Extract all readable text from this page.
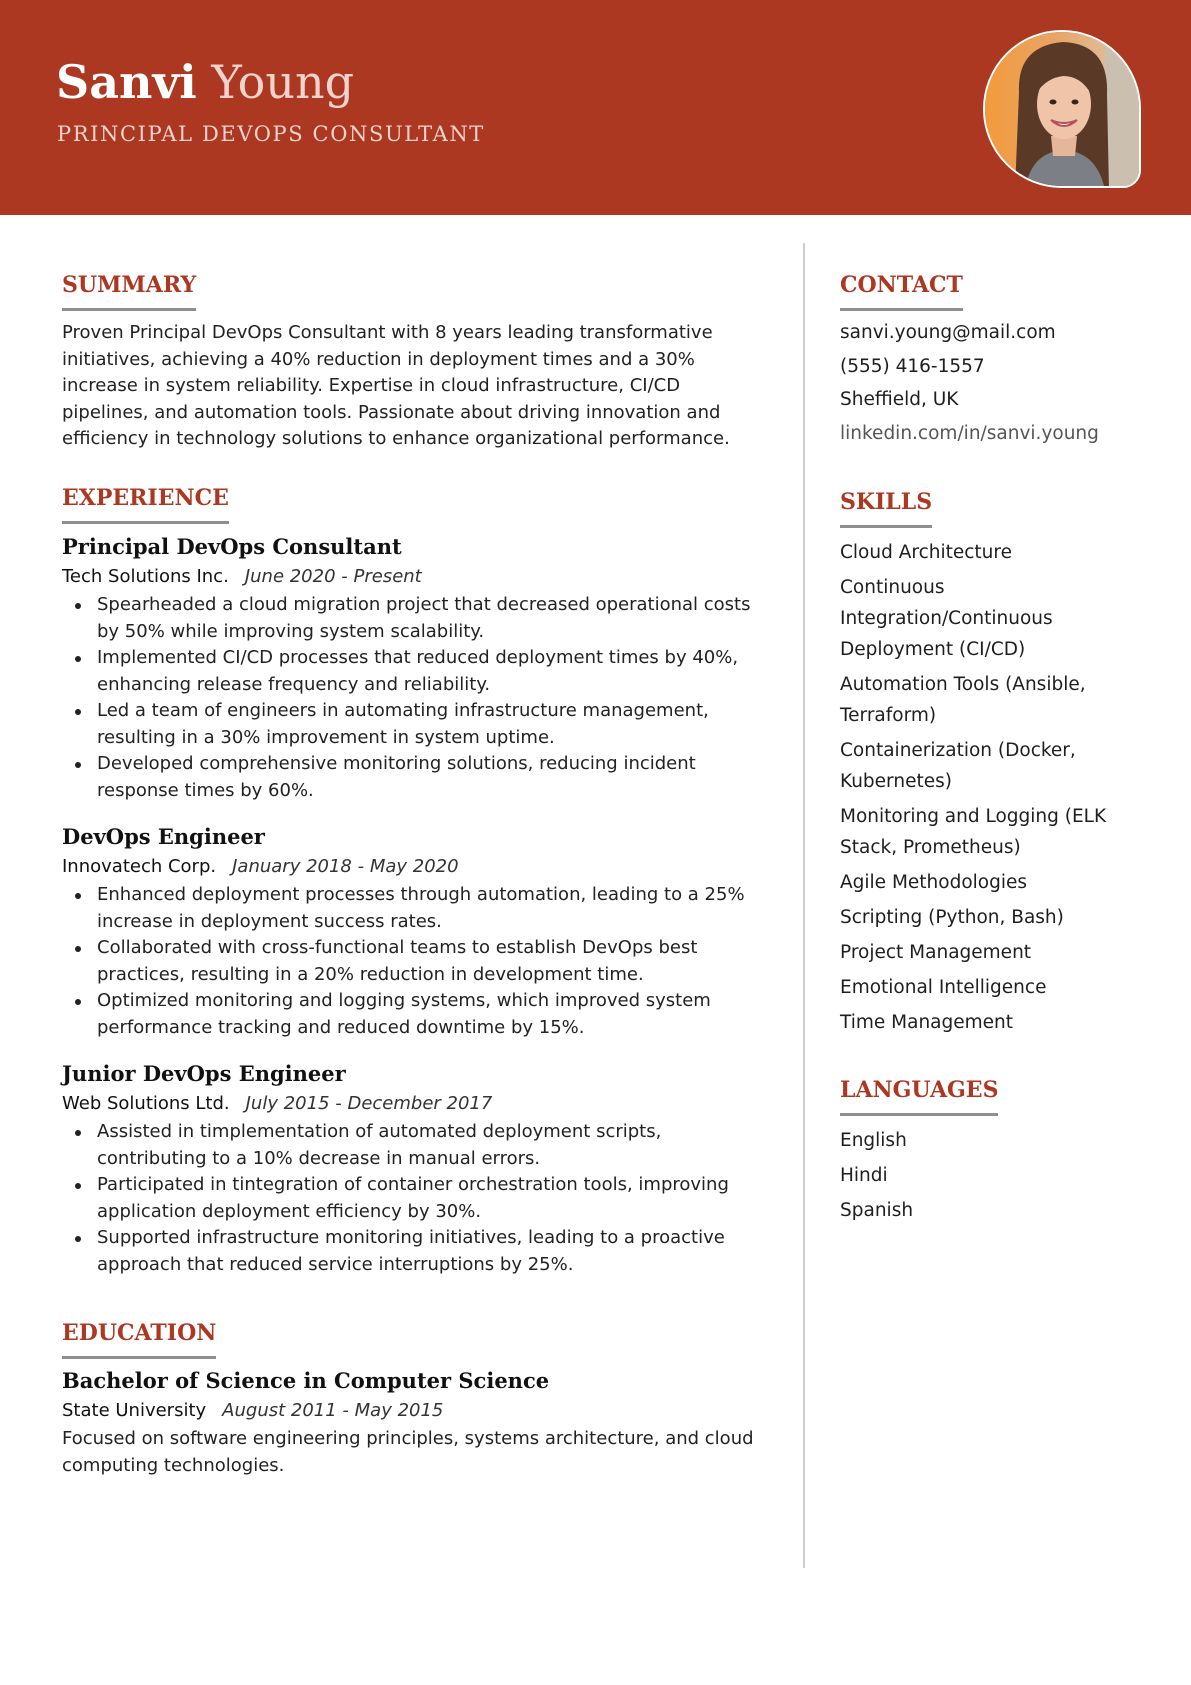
Sanvi Young
PRINCIPAL DEVOPS CONSULTANT
SUMMARY

Proven Principal DevOps Consultant with 8 years leading transformative initiatives, achieving a 40% reduction in deployment times and a 30% increase in system reliability. Expertise in cloud infrastructure, CI/CD pipelines, and automation tools. Passionate about driving innovation and efficiency in technology solutions to enhance organizational performance.

EXPERIENCE
Principal DevOps Consultant
Tech Solutions Inc. June 2020 - Present
Spearheaded a cloud migration project that decreased operational costs by 50% while improving system scalability.
Implemented CI/CD processes that reduced deployment times by 40%, enhancing release frequency and reliability.
Led a team of engineers in automating infrastructure management, resulting in a 30% improvement in system uptime.
Developed comprehensive monitoring solutions, reducing incident response times by 60%.
DevOps Engineer
Innovatech Corp. January 2018 - May 2020
Enhanced deployment processes through automation, leading to a 25% increase in deployment success rates.
Collaborated with cross-functional teams to establish DevOps best practices, resulting in a 20% reduction in development time.
Optimized monitoring and logging systems, which improved system performance tracking and reduced downtime by 15%.
Junior DevOps Engineer
Web Solutions Ltd. July 2015 - December 2017
Assisted in timplementation of automated deployment scripts, contributing to a 10% decrease in manual errors.
Participated in tintegration of container orchestration tools, improving application deployment efficiency by 30%.
Supported infrastructure monitoring initiatives, leading to a proactive approach that reduced service interruptions by 25%.
EDUCATION
Bachelor of Science in Computer Science
State University August 2011 - May 2015

Focused on software engineering principles, systems architecture, and cloud computing technologies.

CONTACT
sanvi.young@mail.com
(555) 416-1557
Sheffield, UK
linkedin.com/in/sanvi.young
SKILLS
Cloud Architecture
Continuous Integration/Continuous Deployment (CI/CD)
Automation Tools (Ansible, Terraform)
Containerization (Docker, Kubernetes)
Monitoring and Logging (ELK Stack, Prometheus)
Agile Methodologies
Scripting (Python, Bash)
Project Management
Emotional Intelligence
Time Management
LANGUAGES
English
Hindi
Spanish
